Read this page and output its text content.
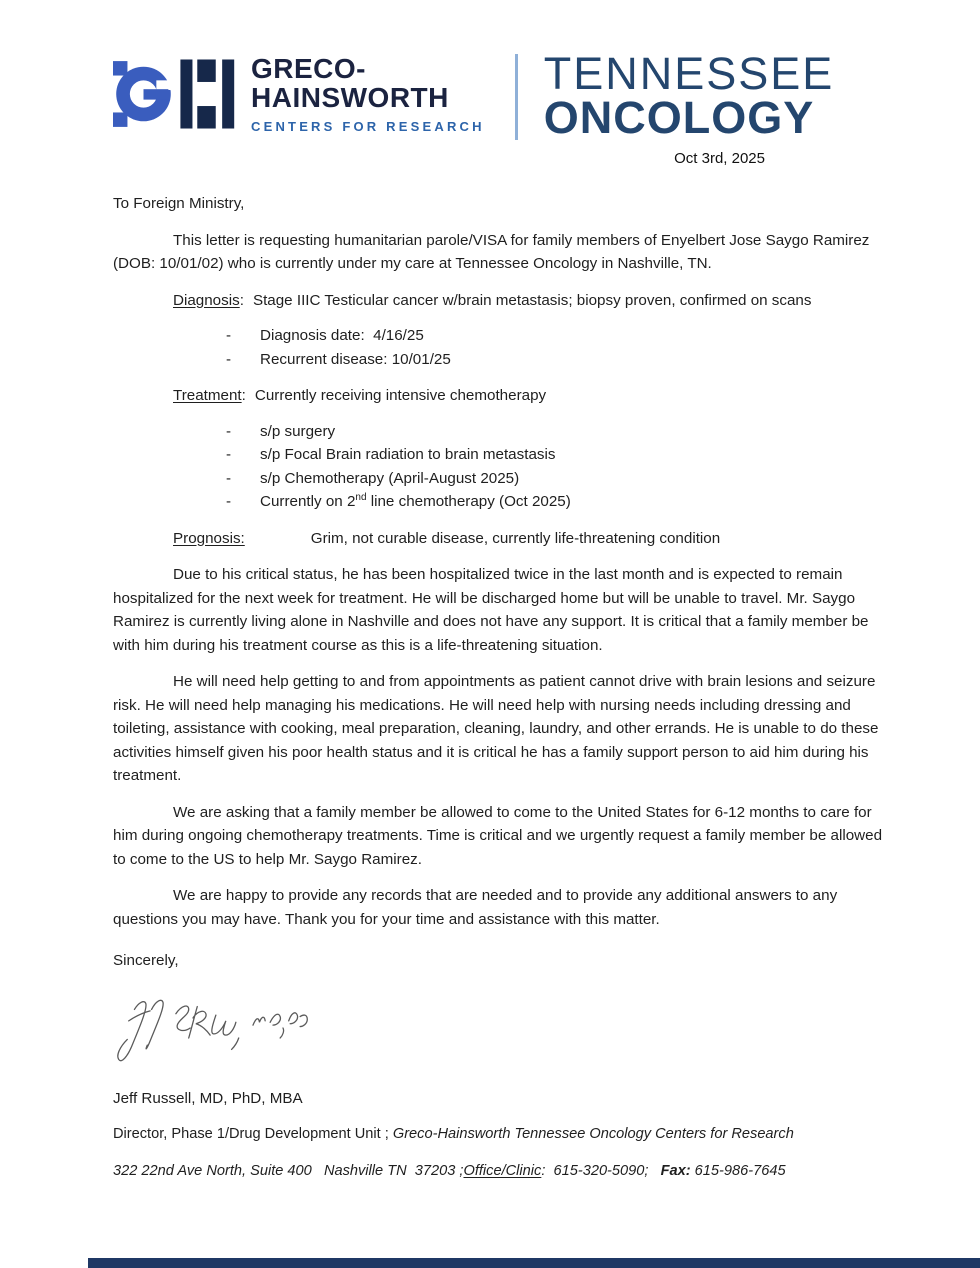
GRECO-
HAINSWORTH
CENTERS FOR RESEARCH
TENNESSEE
ONCOLOGY
Oct 3rd, 2025
To Foreign Ministry,

This letter is requesting humanitarian parole/VISA for family members of Enyelbert Jose Saygo Ramirez (DOB: 10/01/02) who is currently under my care at Tennessee Oncology in Nashville, TN.

Diagnosis: Stage IIIC Testicular cancer w/brain metastasis; biopsy proven, confirmed on scans
-	Diagnosis date:  4/16/25
-	Recurrent disease: 10/01/25
Treatment: Currently receiving intensive chemotherapy
-	s/p surgery
-	s/p Focal Brain radiation to brain metastasis
-	s/p Chemotherapy (April-August 2025)
-	Currently on 2nd line chemotherapy (Oct 2025)
Prognosis:	Grim, not curable disease, currently life-threatening condition

Due to his critical status, he has been hospitalized twice in the last month and is expected to remain hospitalized for the next week for treatment. He will be discharged home but will be unable to travel. Mr. Saygo Ramirez is currently living alone in Nashville and does not have any support. It is critical that a family member be with him during his treatment course as this is a life-threatening situation.

He will need help getting to and from appointments as patient cannot drive with brain lesions and seizure risk. He will need help managing his medications. He will need help with nursing needs including dressing and toileting, assistance with cooking, meal preparation, cleaning, laundry, and other errands. He is unable to do these activities himself given his poor health status and it is critical he has a family support person to aid him during his treatment.

We are asking that a family member be allowed to come to the United States for 6-12 months to care for him during ongoing chemotherapy treatments. Time is critical and we urgently request a family member be allowed to come to the US to help Mr. Saygo Ramirez.

We are happy to provide any records that are needed and to provide any additional answers to any questions you may have. Thank you for your time and assistance with this matter.

Sincerely,
Jeff Russell, MD, PhD, MBA
Director, Phase 1/Drug Development Unit ; Greco-Hainsworth Tennessee Oncology Centers for Research
322 22nd Ave North, Suite 400   Nashville TN  37203 ;Office/Clinic:  615-320-5090;   Fax: 615-986-7645
